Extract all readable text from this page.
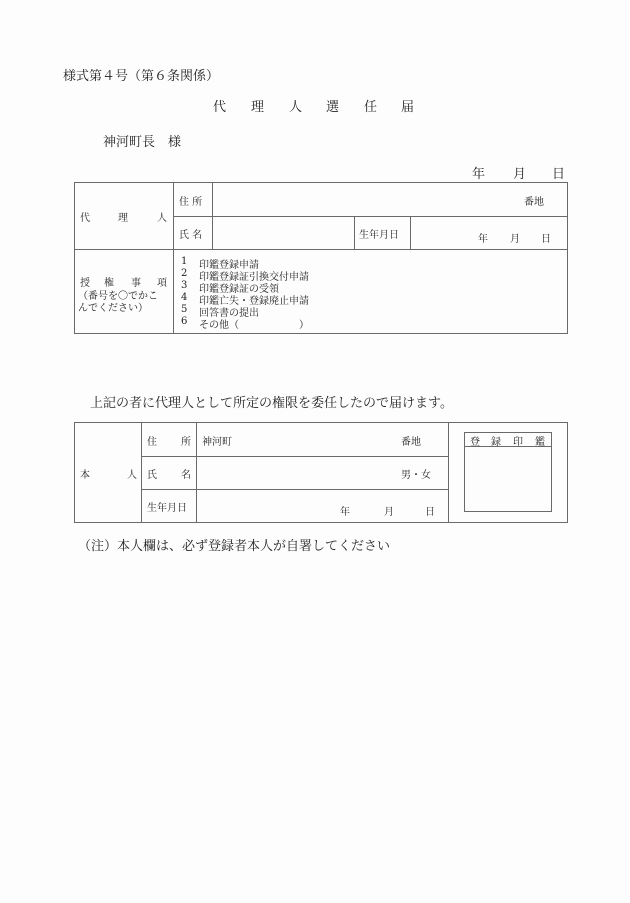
様式第４号（第６条関係）
代 理 人 選 任 届
神河町長　様
年 月 日
代	理	人
住 所	番地
氏 名	生年月日	年 月 日
授 権 事 項
（番号を〇でかこ
んでください）
1 印鑑登録申請
2 印鑑登録証引換交付申請
3 印鑑登録証の受領
4 印鑑亡失・登録廃止申請
5 回答書の提出
6 その他（　　　　　　）
上記の者に代理人として所定の権限を委任したので届けます。
本	人
住 所 神河町	番地
氏 名	男・女
生年月日	年	月	日
登 録 印 鑑
（注）本人欄は、必ず登録者本人が自署してください
